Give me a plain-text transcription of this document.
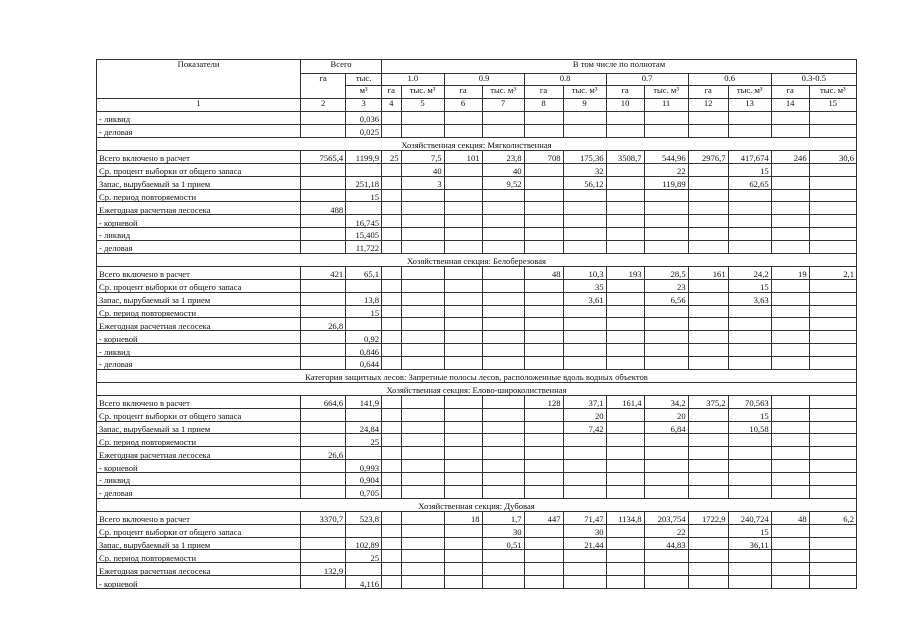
Показатели	Всего		В том числе по полнотам											
	га	тыс.	1.0		0.9		0.8		0.7		0.6		0.3-0.5	
		м³	га	тыс. м³	га	тыс. м³	га	тыс. м³	га	тыс. м³	га	тыс. м³	га	тыс. м³
1	2	3	4	5	6	7	8	9	10	11	12	13	14	15
- ликвид		0,036												
- деловая		0,025												
Хозяйственная секция: Мягколиственная														
Всего включено в расчет	7565,4	1199,9	25	7,5	101	23,8	708	175,36	3508,7	544,96	2976,7	417,674	246	30,6
Ср. процент выборки от общего запаса				40		40		32		22		15		
Запас, вырубаемый за 1 прием		251,18		3		9,52		56,12		119,89		62,65		
Ср. период повторяемости		15												
Ежегодная расчетная лесосека	488													
- корневой		16,745												
- ликвид		15,405												
- деловая		11,722												
Хозяйственная секция: Белоберезовая														
Всего включено в расчет	421	65,1					48	10,3	193	28,5	161	24,2	19	2,1
Ср. процент выборки от общего запаса								35		23		15		
Запас, вырубаемый за 1 прием		13,8						3,61		6,56		3,63		
Ср. период повторяемости		15												
Ежегодная расчетная лесосека	26,8													
- корневой		0,92												
- ликвид		0,846												
- деловая		0,644												
Категория защитных лесов: Запретные полосы лесов, расположенные вдоль водных объектов														
Хозяйственная секция: Елово-широколиственная														
Всего включено в расчет	664,6	141,9					128	37,1	161,4	34,2	375,2	70,563		
Ср. процент выборки от общего запаса								20		20		15		
Запас, вырубаемый за 1 прием		24,84						7,42		6,84		10,58		
Ср. период повторяемости		25												
Ежегодная расчетная лесосека	26,6													
- корневой		0,993												
- ликвид		0,904												
- деловая		0,705												
Хозяйственная секция: Дубовая														
Всего включено в расчет	3370,7	523,8			18	1,7	447	71,47	1134,8	203,754	1722,9	240,724	48	6,2
Ср. процент выборки от общего запаса						30		30		22		15		
Запас, вырубаемый за 1 прием		102,89				0,51		21,44		44,83		36,11		
Ср. период повторяемости		25												
Ежегодная расчетная лесосека	132,9													
- корневой		4,116												
